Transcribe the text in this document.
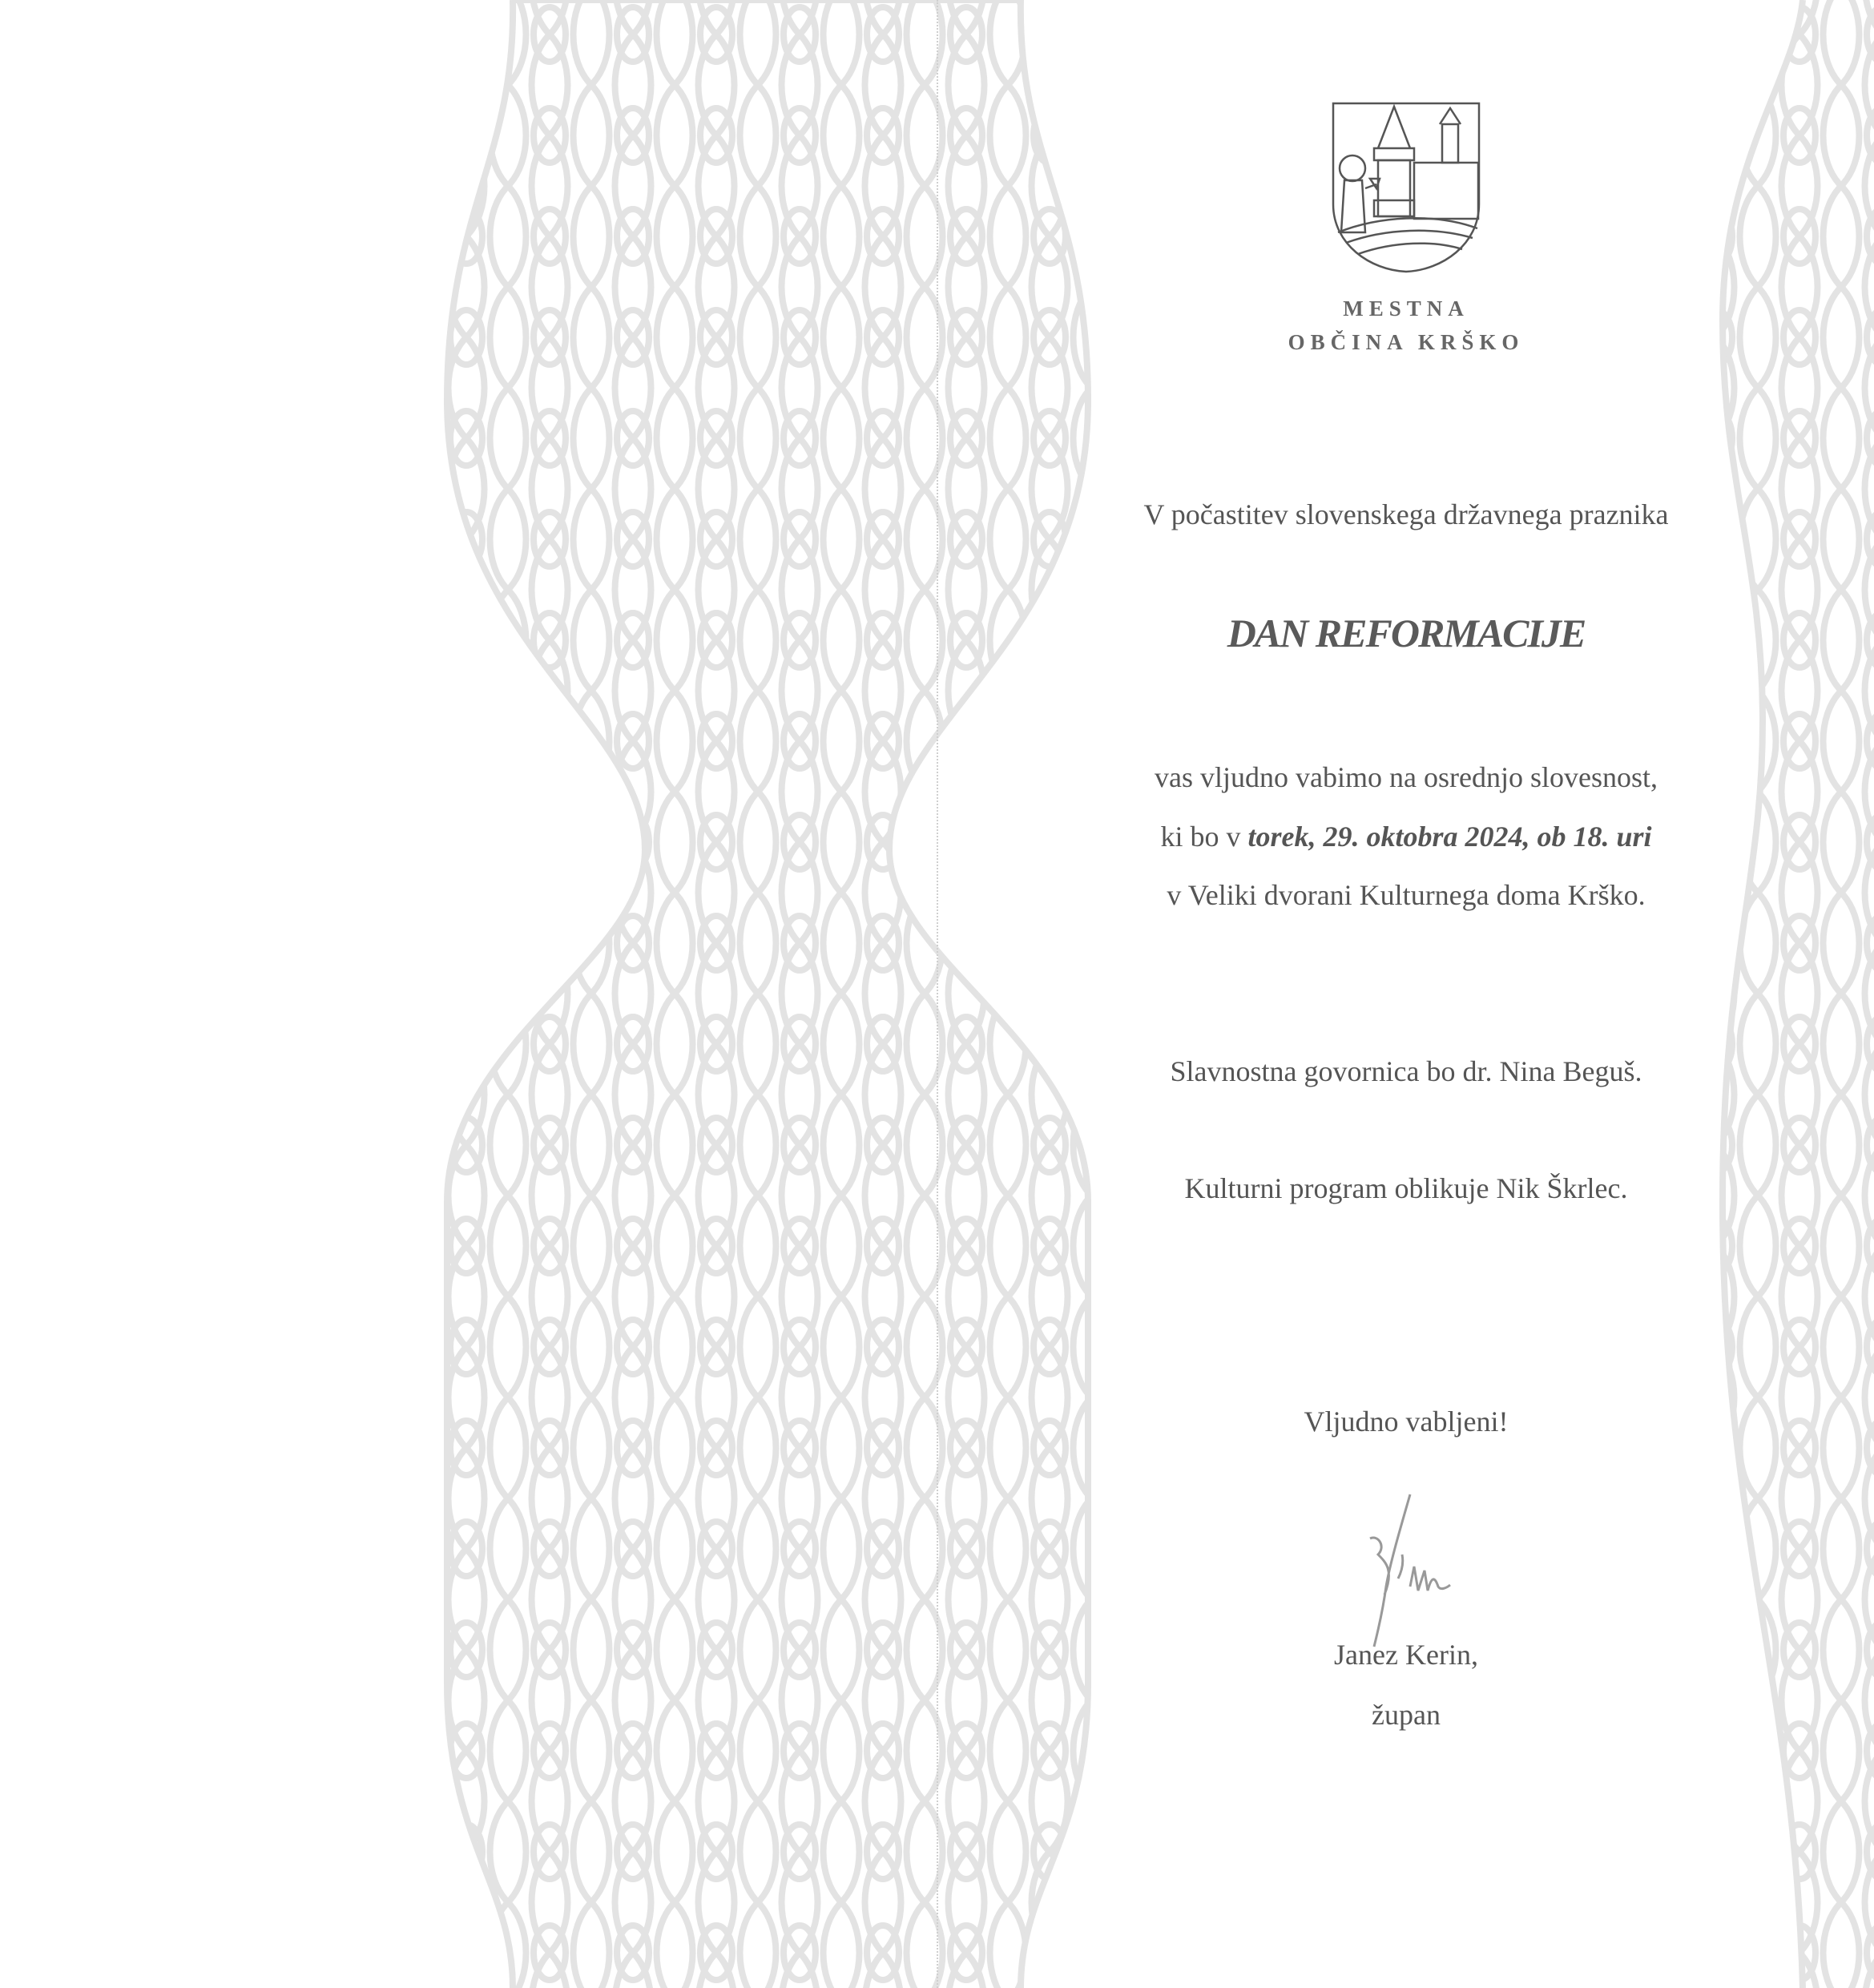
MESTNA
OBČINA KRŠKO
V počastitev slovenskega državnega praznika
DAN REFORMACIJE
vas vljudno vabimo na osrednjo slovesnost,
ki bo v torek, 29. oktobra 2024, ob 18. uri
v Veliki dvorani Kulturnega doma Krško.
Slavnostna govornica bo dr. Nina Beguš.
Kulturni program oblikuje Nik Škrlec.
Vljudno vabljeni!
Janez Kerin,
župan
